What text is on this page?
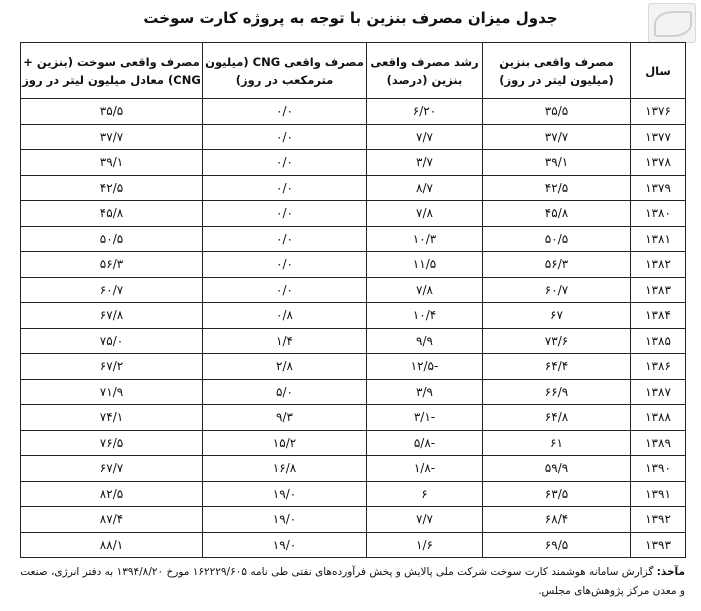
جدول میزان مصرف بنزین با توجه به پروژه کارت سوخت
سال	مصرف واقعی بنزین (میلیون لیتر در روز)	رشد مصرف واقعی بنزین (درصد)	مصرف واقعی CNG (میلیون مترمکعب در روز)	مصرف واقعی سوخت (بنزین + CNG) معادل میلیون لیتر در روز
۱۳۷۶	۳۵/۵	۶/۲۰	۰/۰	۳۵/۵
۱۳۷۷	۳۷/۷	۷/۷	۰/۰	۳۷/۷
۱۳۷۸	۳۹/۱	۳/۷	۰/۰	۳۹/۱
۱۳۷۹	۴۲/۵	۸/۷	۰/۰	۴۲/۵
۱۳۸۰	۴۵/۸	۷/۸	۰/۰	۴۵/۸
۱۳۸۱	۵۰/۵	۱۰/۳	۰/۰	۵۰/۵
۱۳۸۲	۵۶/۳	۱۱/۵	۰/۰	۵۶/۳
۱۳۸۳	۶۰/۷	۷/۸	۰/۰	۶۰/۷
۱۳۸۴	۶۷	۱۰/۴	۰/۸	۶۷/۸
۱۳۸۵	۷۳/۶	۹/۹	۱/۴	۷۵/۰
۱۳۸۶	۶۴/۴	-۱۲/۵	۲/۸	۶۷/۲
۱۳۸۷	۶۶/۹	۳/۹	۵/۰	۷۱/۹
۱۳۸۸	۶۴/۸	-۳/۱	۹/۳	۷۴/۱
۱۳۸۹	۶۱	-۵/۸	۱۵/۲	۷۶/۵
۱۳۹۰	۵۹/۹	-۱/۸	۱۶/۸	۶۷/۷
۱۳۹۱	۶۳/۵	۶	۱۹/۰	۸۲/۵
۱۳۹۲	۶۸/۴	۷/۷	۱۹/۰	۸۷/۴
۱۳۹۳	۶۹/۵	۱/۶	۱۹/۰	۸۸/۱
مآخذ: گزارش سامانه هوشمند کارت سوخت شرکت ملی پالایش و پخش فرآورده‌های نفتی طی نامه ۱۶۲۲۲۹/۶۰۵ مورخ ۱۳۹۴/۸/۲۰ به دفتر انرژی، صنعت و معدن مرکز پژوهش‌های مجلس.
